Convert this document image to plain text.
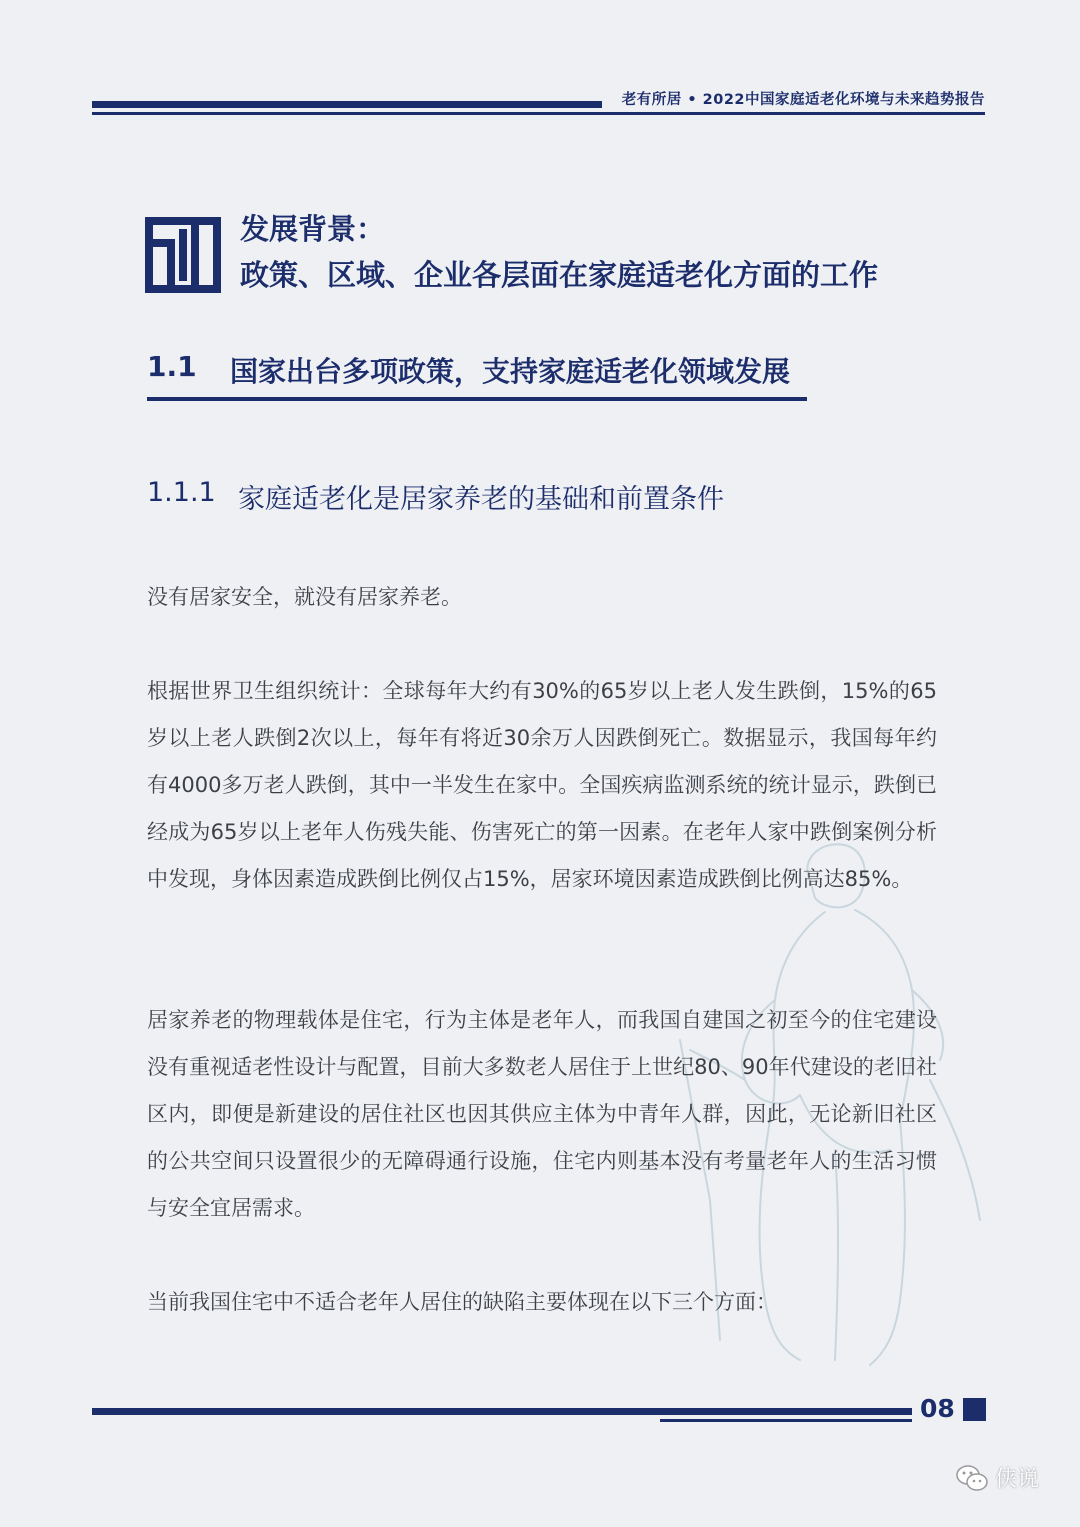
老有所居 • 2022中国家庭适老化环境与未来趋势报告
发展背景：
政策、区域、企业各层面在家庭适老化方面的工作
1.1 国家出台多项政策，支持家庭适老化领域发展
1.1.1 家庭适老化是居家养老的基础和前置条件
没有居家安全，就没有居家养老。
根据世界卫生组织统计：全球每年大约有30%的65岁以上老人发生跌倒，15%的65岁以上老人跌倒2次以上，每年有将近30余万人因跌倒死亡。数据显示，我国每年约有4000多万老人跌倒，其中一半发生在家中。全国疾病监测系统的统计显示，跌倒已经成为65岁以上老年人伤残失能、伤害死亡的第一因素。在老年人家中跌倒案例分析中发现，身体因素造成跌倒比例仅占15%，居家环境因素造成跌倒比例高达85%。
居家养老的物理载体是住宅，行为主体是老年人，而我国自建国之初至今的住宅建设没有重视适老性设计与配置，目前大多数老人居住于上世纪80、90年代建设的老旧社区内，即便是新建设的居住社区也因其供应主体为中青年人群，因此，无论新旧社区的公共空间只设置很少的无障碍通行设施，住宅内则基本没有考量老年人的生活习惯与安全宜居需求。
当前我国住宅中不适合老年人居住的缺陷主要体现在以下三个方面：
08
侠说
